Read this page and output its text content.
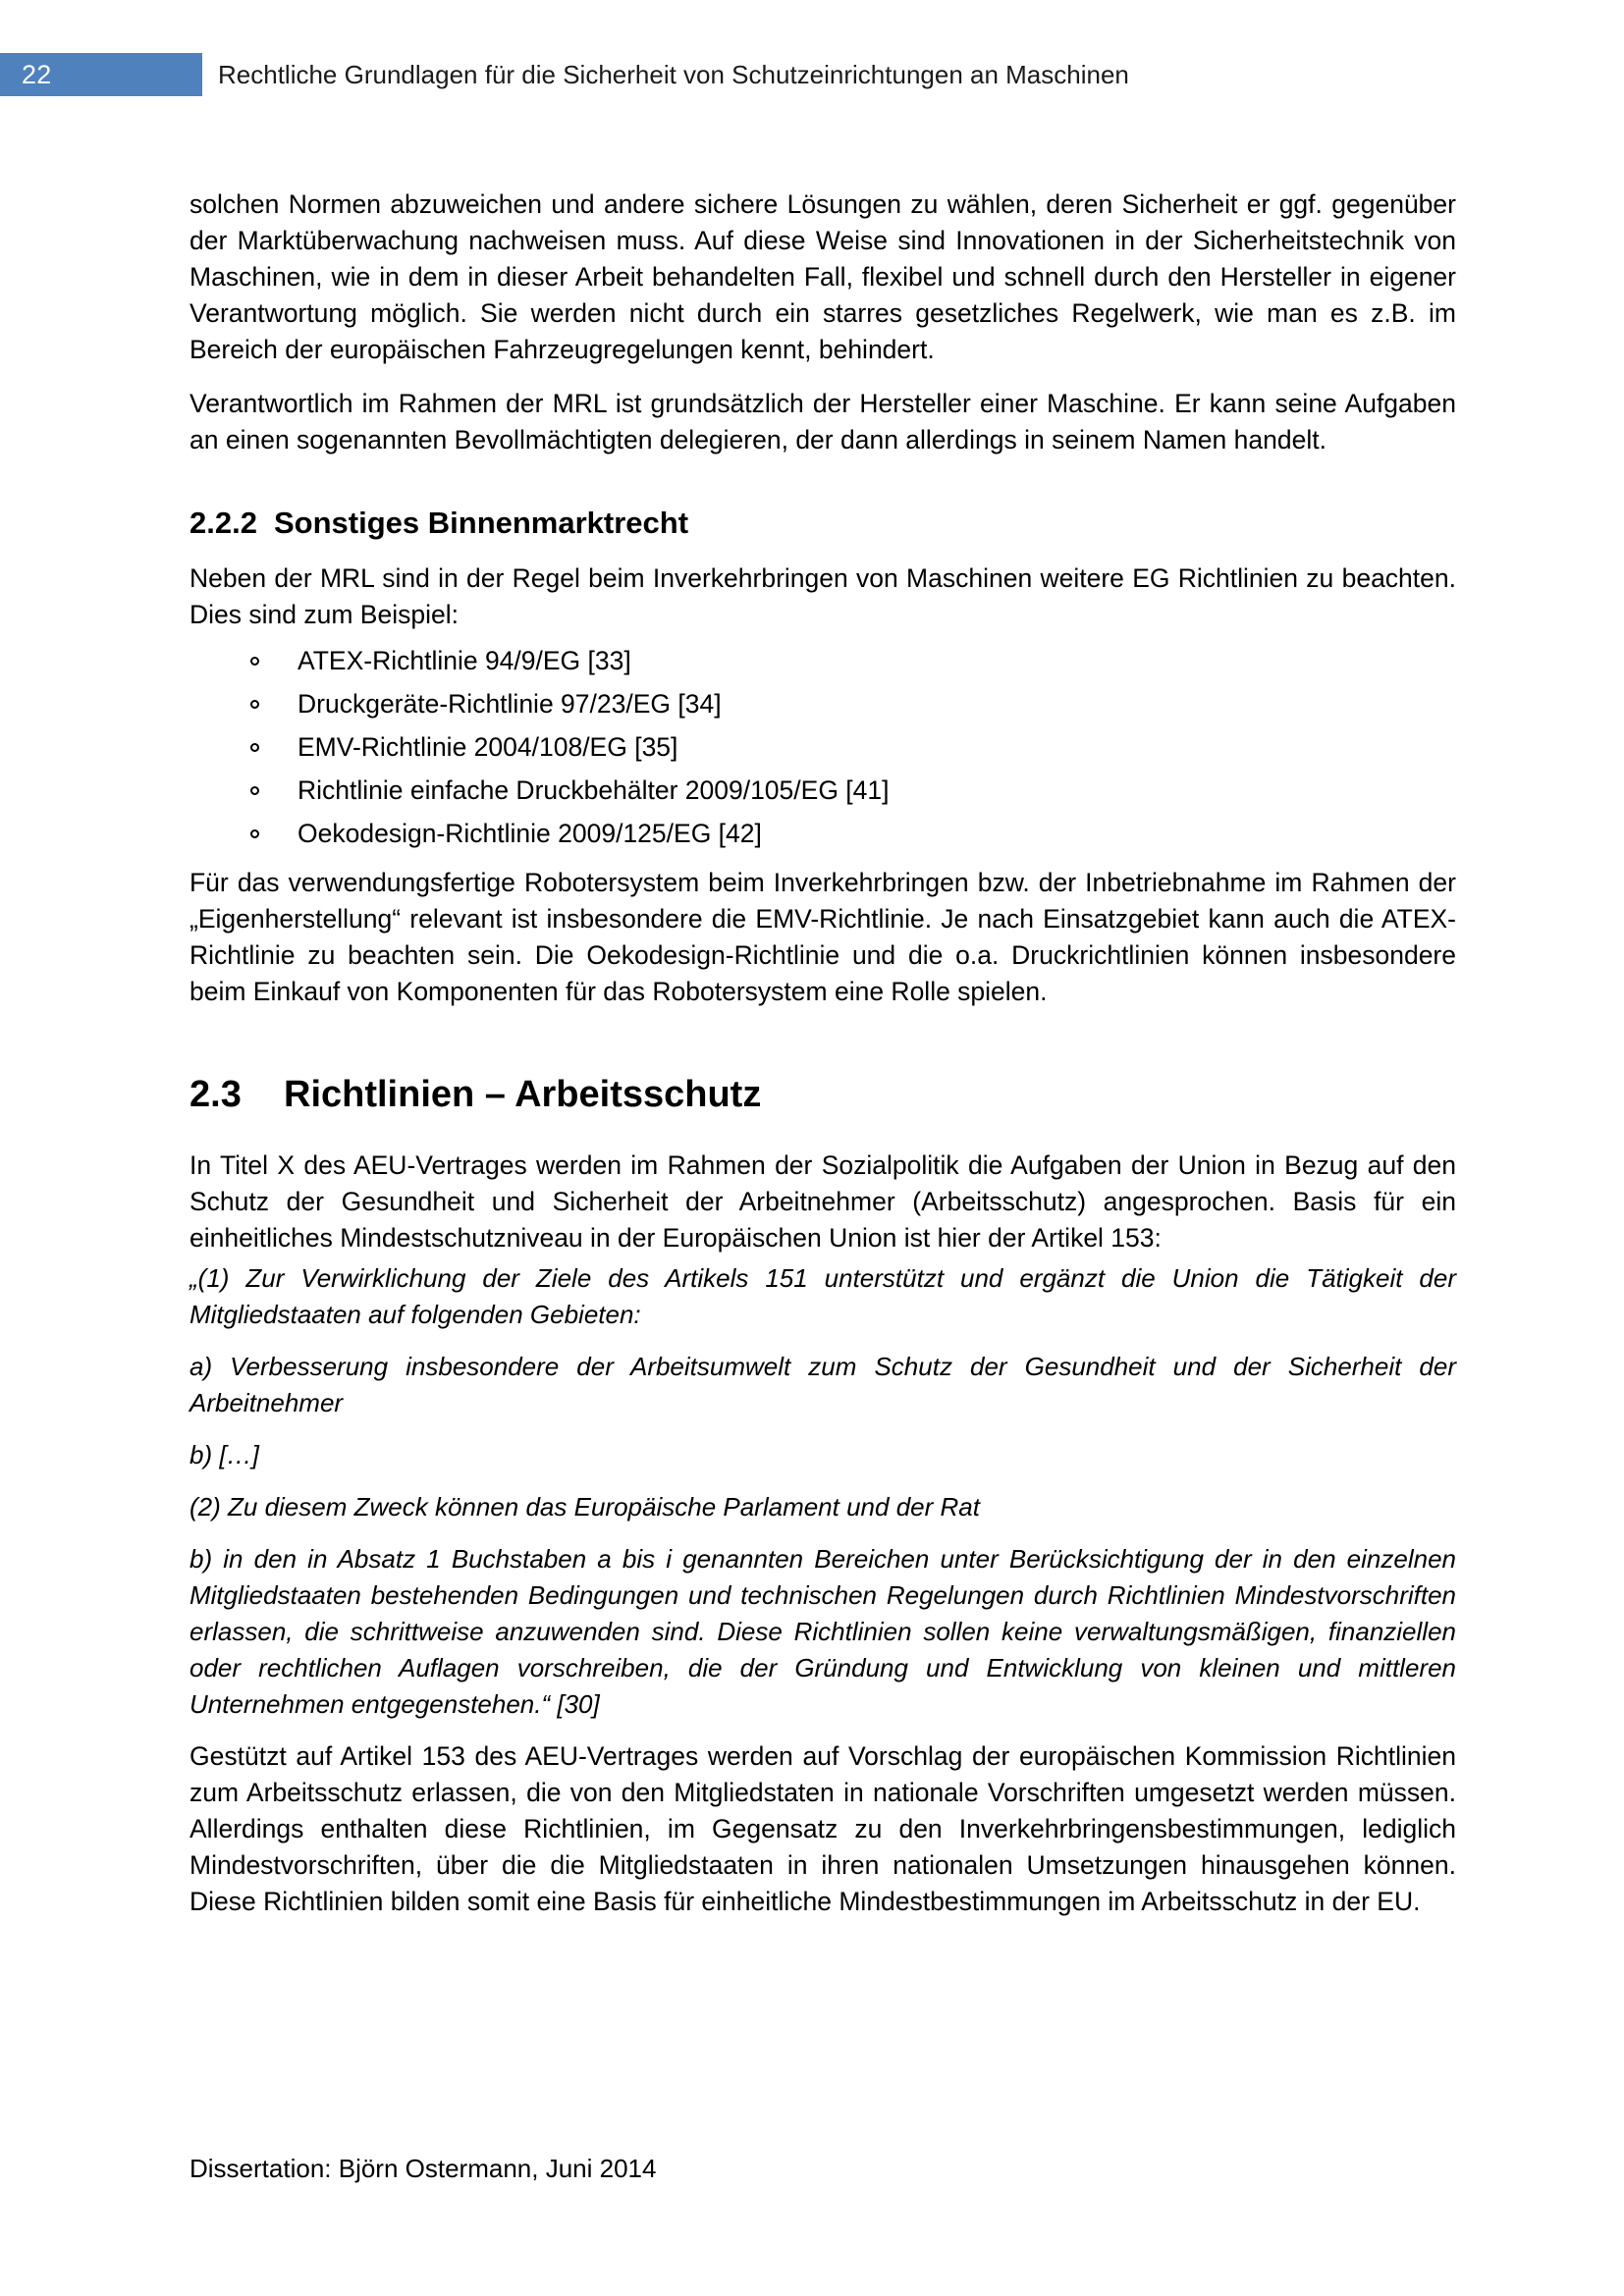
22	Rechtliche Grundlagen für die Sicherheit von Schutzeinrichtungen an Maschinen

solchen Normen abzuweichen und andere sichere Lösungen zu wählen, deren Sicherheit er ggf. gegenüber der Marktüberwachung nachweisen muss. Auf diese Weise sind Innovationen in der Sicherheitstechnik von Maschinen, wie in dem in dieser Arbeit behandelten Fall, flexibel und schnell durch den Hersteller in eigener Verantwortung möglich. Sie werden nicht durch ein starres gesetzliches Regelwerk, wie man es z.B. im Bereich der europäischen Fahrzeugregelungen kennt, behindert.

Verantwortlich im Rahmen der MRL ist grundsätzlich der Hersteller einer Maschine. Er kann seine Aufgaben an einen sogenannten Bevollmächtigten delegieren, der dann allerdings in seinem Namen handelt.

2.2.2 Sonstiges Binnenmarktrecht

Neben der MRL sind in der Regel beim Inverkehrbringen von Maschinen weitere EG Richtlinien zu beachten. Dies sind zum Beispiel:

ATEX-Richtlinie 94/9/EG [33]
Druckgeräte-Richtlinie 97/23/EG [34]
EMV-Richtlinie 2004/108/EG [35]
Richtlinie einfache Druckbehälter 2009/105/EG [41]
Oekodesign-Richtlinie 2009/125/EG [42]

Für das verwendungsfertige Robotersystem beim Inverkehrbringen bzw. der Inbetriebnahme im Rahmen der „Eigenherstellung“ relevant ist insbesondere die EMV-Richtlinie. Je nach Einsatzgebiet kann auch die ATEX-Richtlinie zu beachten sein. Die Oekodesign-Richtlinie und die o.a. Druckrichtlinien können insbesondere beim Einkauf von Komponenten für das Robotersystem eine Rolle spielen.

2.3 Richtlinien – Arbeitsschutz

In Titel X des AEU-Vertrages werden im Rahmen der Sozialpolitik die Aufgaben der Union in Bezug auf den Schutz der Gesundheit und Sicherheit der Arbeitnehmer (Arbeitsschutz) angesprochen. Basis für ein einheitliches Mindestschutzniveau in der Europäischen Union ist hier der Artikel 153:

„(1) Zur Verwirklichung der Ziele des Artikels 151 unterstützt und ergänzt die Union die Tätigkeit der Mitgliedstaaten auf folgenden Gebieten:

a) Verbesserung insbesondere der Arbeitsumwelt zum Schutz der Gesundheit und der Sicherheit der Arbeitnehmer

b) […]

(2) Zu diesem Zweck können das Europäische Parlament und der Rat

b) in den in Absatz 1 Buchstaben a bis i genannten Bereichen unter Berücksichtigung der in den einzelnen Mitgliedstaaten bestehenden Bedingungen und technischen Regelungen durch Richtlinien Mindestvorschriften erlassen, die schrittweise anzuwenden sind. Diese Richtlinien sollen keine verwaltungsmäßigen, finanziellen oder rechtlichen Auflagen vorschreiben, die der Gründung und Entwicklung von kleinen und mittleren Unternehmen entgegenstehen.“ [30]

Gestützt auf Artikel 153 des AEU-Vertrages werden auf Vorschlag der europäischen Kommission Richtlinien zum Arbeitsschutz erlassen, die von den Mitgliedstaten in nationale Vorschriften umgesetzt werden müssen. Allerdings enthalten diese Richtlinien, im Gegensatz zu den Inverkehrbringensbestimmungen, lediglich Mindestvorschriften, über die die Mitgliedstaaten in ihren nationalen Umsetzungen hinausgehen können. Diese Richtlinien bilden somit eine Basis für einheitliche Mindestbestimmungen im Arbeitsschutz in der EU.

Dissertation: Björn Ostermann, Juni 2014
